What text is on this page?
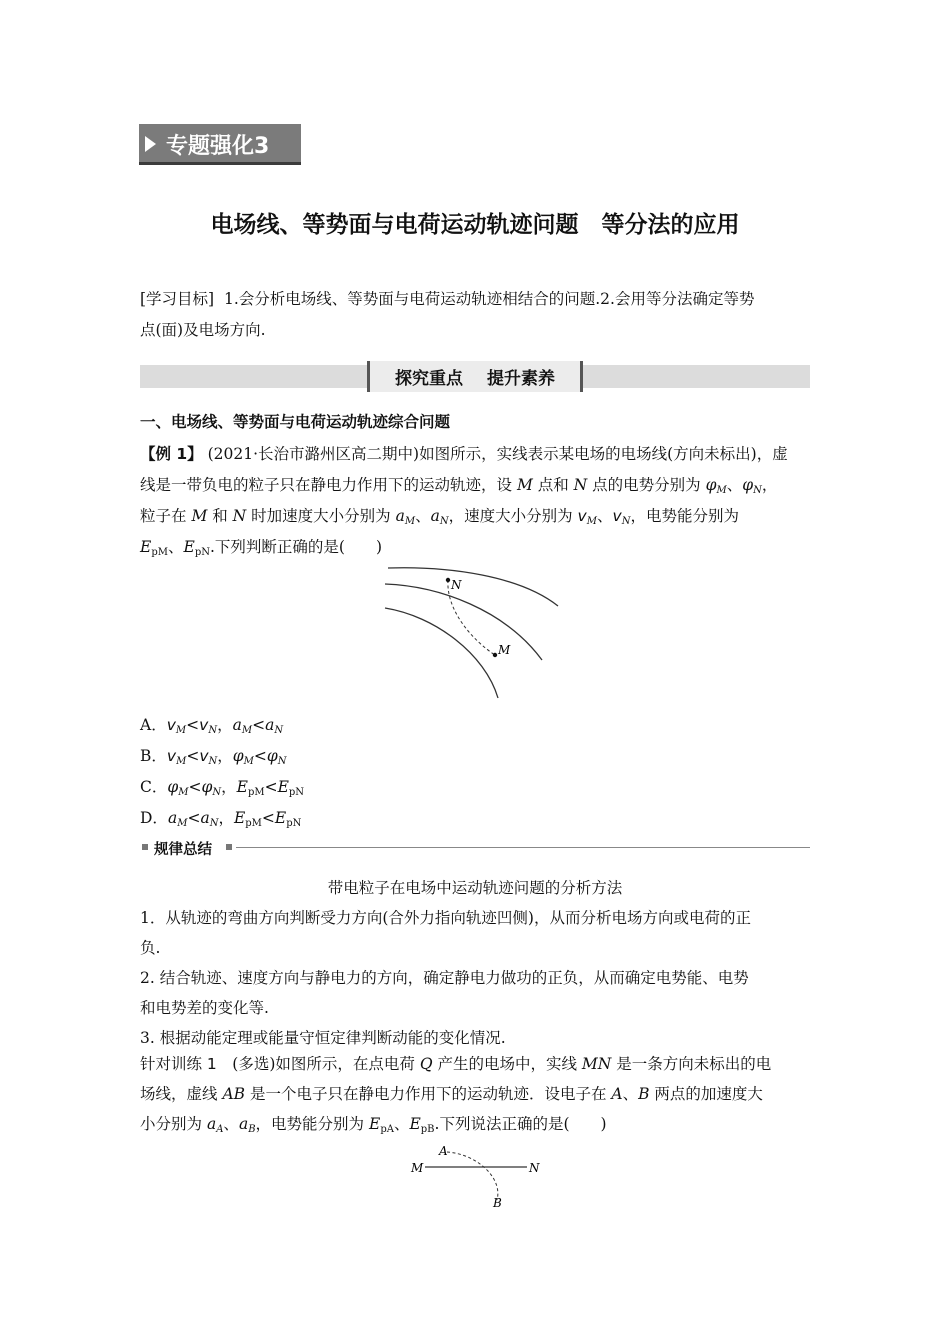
专题强化3
电场线、等势面与电荷运动轨迹问题　等分法的应用
[学习目标] 1.会分析电场线、等势面与电荷运动轨迹相结合的问题.2.会用等分法确定等势
点(面)及电场方向.
探究重点 提升素养
一、电场线、等势面与电荷运动轨迹综合问题
【例 1】 (2021·长治市潞州区高二期中)如图所示，实线表示某电场的电场线(方向未标出)，虚
线是一带负电的粒子只在静电力作用下的运动轨迹，设 M 点和 N 点的电势分别为 $\varphi_M$、$\varphi_N$，
粒子在 M 和 N 时加速度大小分别为 $a_M$、$a_N$，速度大小分别为 $v_M$、$v_N$，电势能分别为
$E_{pM}$、$E_{pN}$.下列判断正确的是(　　)
N
M
A．$v_M<v_N$，$a_M<a_N$
B．$v_M<v_N$，$\varphi_M<\varphi_N$
C．$\varphi_M<\varphi_N$，$E_{pM}<E_{pN}$
D．$a_M<a_N$，$E_{pM}<E_{pN}$
规律总结
带电粒子在电场中运动轨迹问题的分析方法
1．从轨迹的弯曲方向判断受力方向(合外力指向轨迹凹侧)，从而分析电场方向或电荷的正
负.
2. 结合轨迹、速度方向与静电力的方向，确定静电力做功的正负，从而确定电势能、电势
和电势差的变化等.
3. 根据动能定理或能量守恒定律判断动能的变化情况.
针对训练 1　(多选)如图所示，在点电荷 Q 产生的电场中，实线 MN 是一条方向未标出的电
场线，虚线 AB 是一个电子只在静电力作用下的运动轨迹．设电子在 A、B 两点的加速度大
小分别为 $a_A$、$a_B$，电势能分别为 $E_{pA}$、$E_{pB}$.下列说法正确的是(　　)
A
B
M	N
